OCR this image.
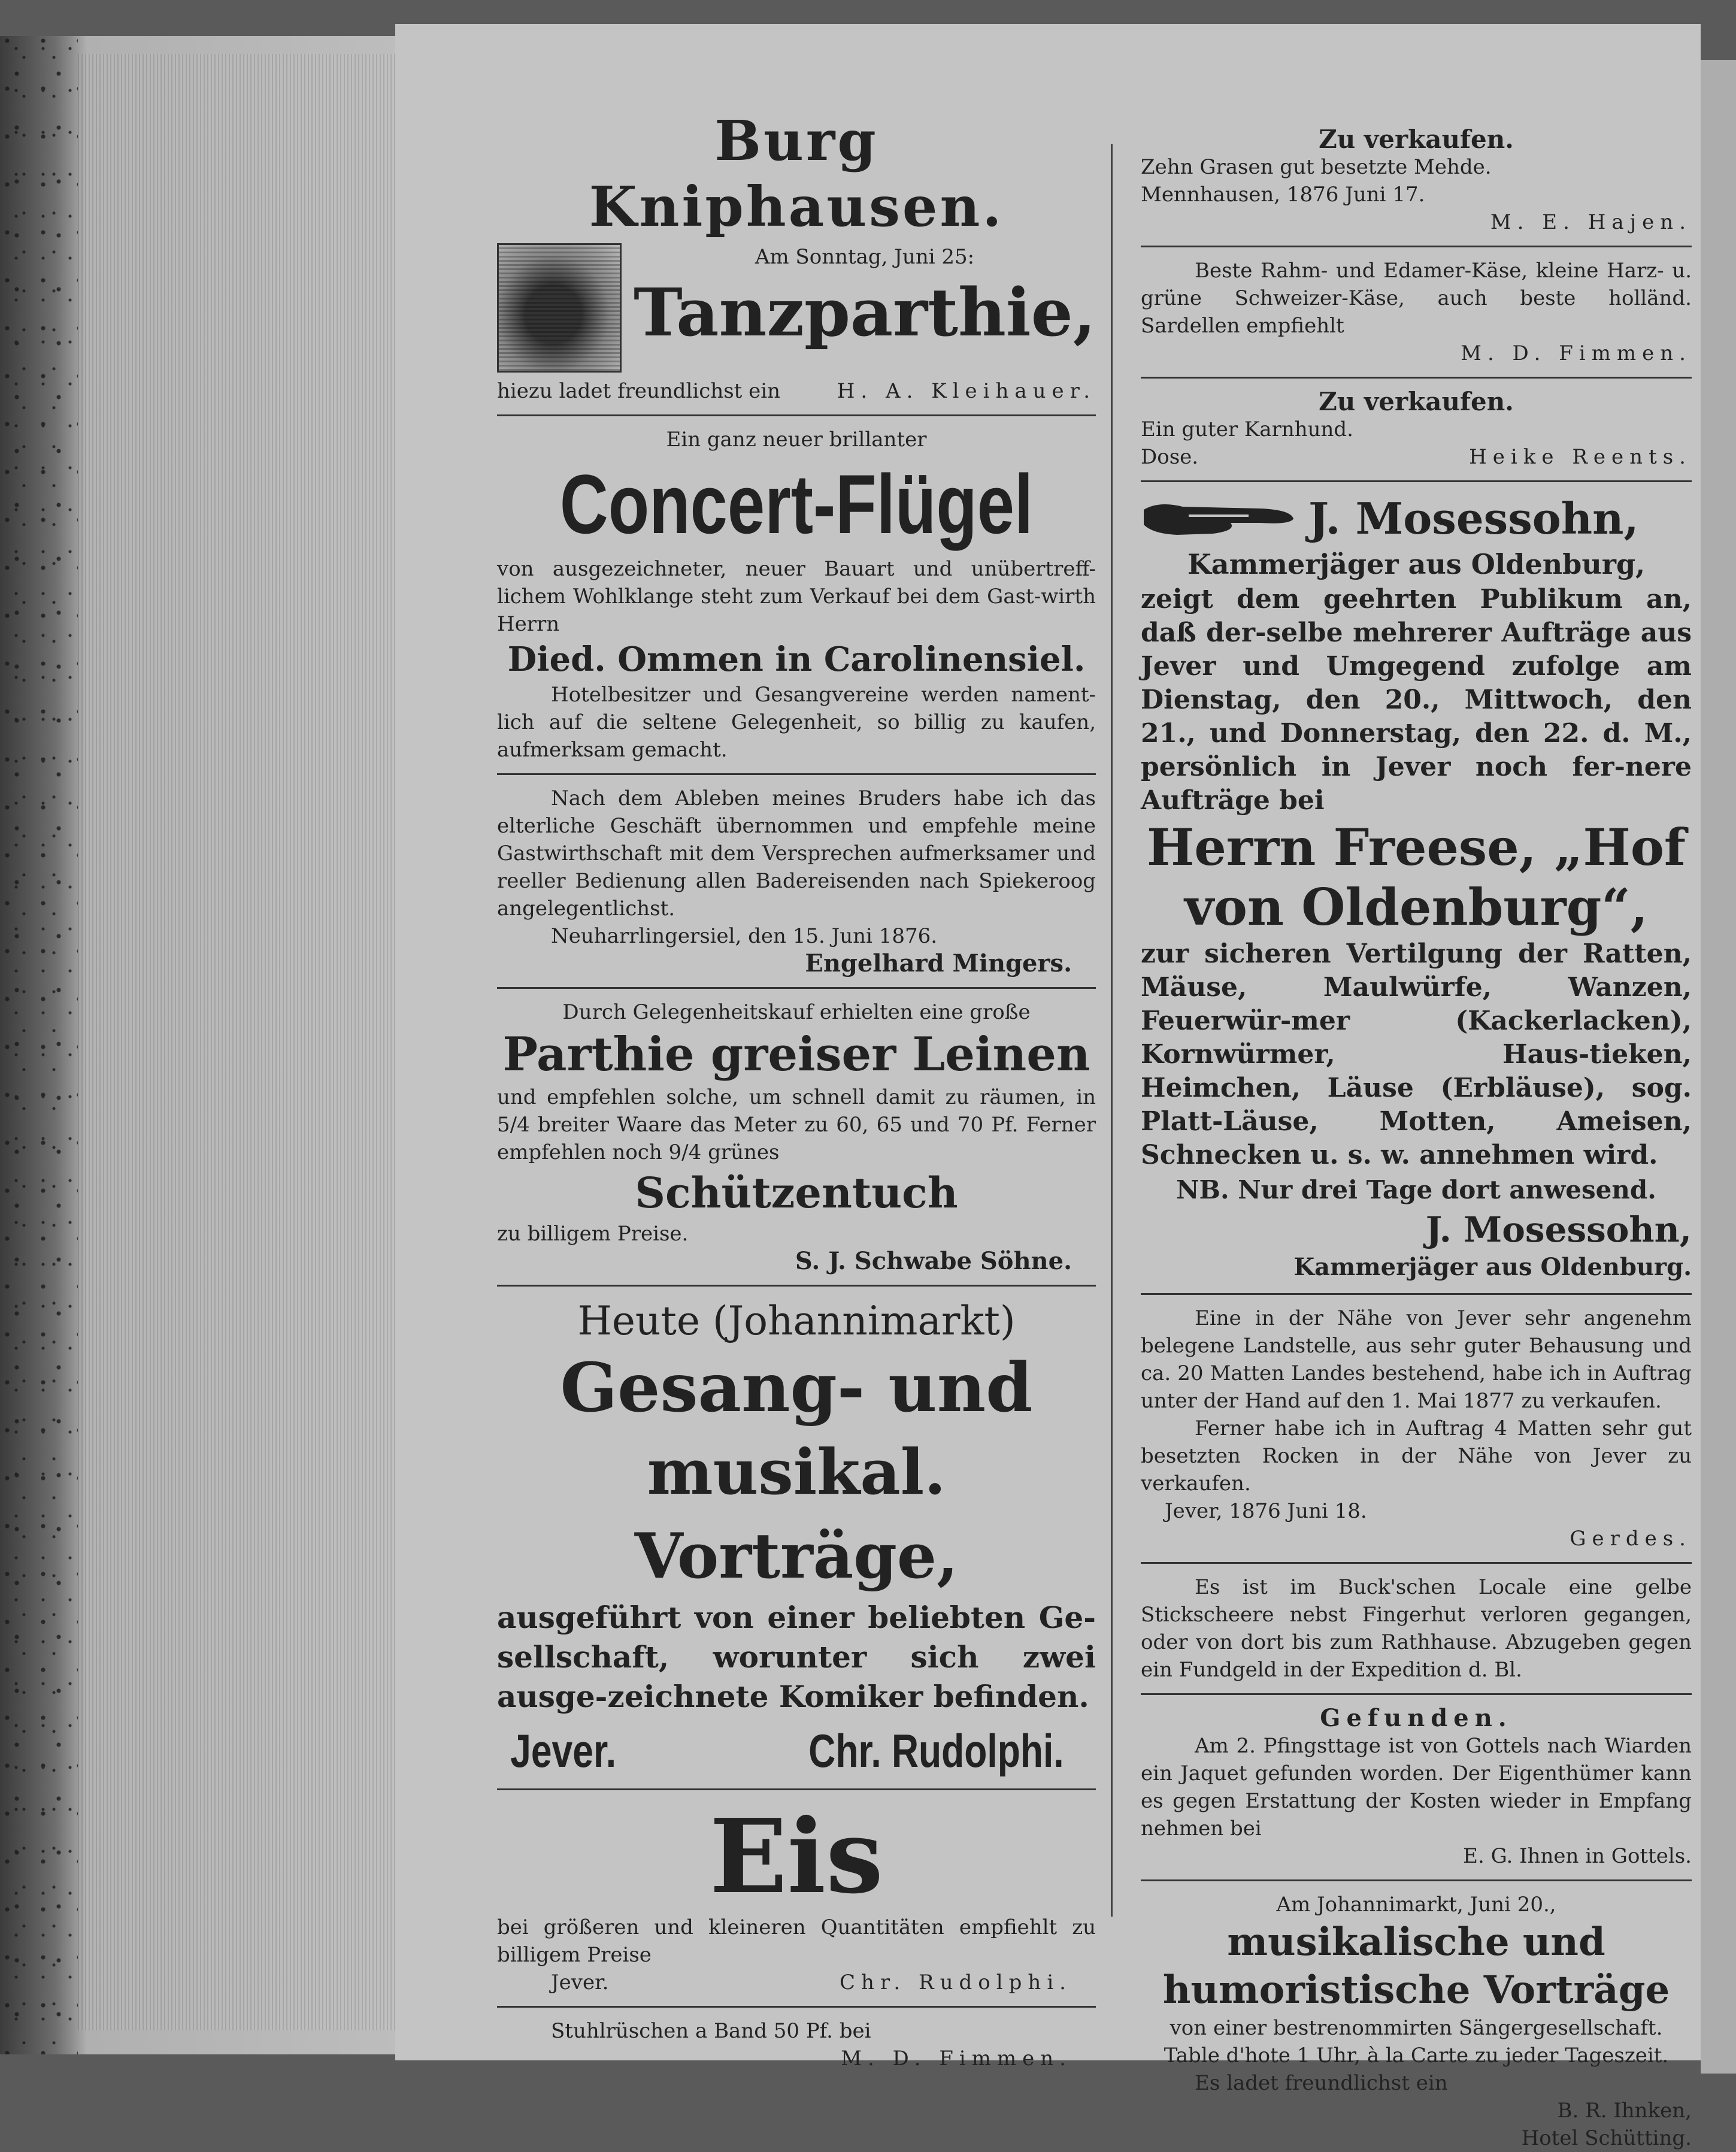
Burg Kniphausen.

Am Sonntag, Juni 25:

Tanzparthie,

hiezu ladet freundlichst ein	H. A. Kleihauer.

Ein ganz neuer brillanter

Concert-Flügel

von ausgezeichneter, neuer Bauart und unübertreff-lichem Wohlklange steht zum Verkauf bei dem Gast-wirth Herrn

Died. Ommen in Carolinensiel.

Hotelbesitzer und Gesangvereine werden nament-lich auf die seltene Gelegenheit, so billig zu kaufen, aufmerksam gemacht.

Nach dem Ableben meines Bruders habe ich das elterliche Geschäft übernommen und empfehle meine Gastwirthschaft mit dem Versprechen aufmerksamer und reeller Bedienung allen Badereisenden nach Spiekeroog angelegentlichst.

Neuharrlingersiel, den 15. Juni 1876.

Engelhard Mingers.

Durch Gelegenheitskauf erhielten eine große

Parthie greiser Leinen

und empfehlen solche, um schnell damit zu räumen, in 5/4 breiter Waare das Meter zu 60, 65 und 70 Pf. Ferner empfehlen noch 9/4 grünes

Schützentuch

zu billigem Preise.

S. J. Schwabe Söhne.

Heute (Johannimarkt)

Gesang- und

musikal. Vorträge,

ausgeführt von einer beliebten Ge-sellschaft, worunter sich zwei ausge-zeichnete Komiker befinden.

Jever.	Chr. Rudolphi.

Eis

bei größeren und kleineren Quantitäten empfiehlt zu billigem Preise

Jever.	Chr. Rudolphi.

Stuhlrüschen a Band 50 Pf. bei

M. D. Fimmen.

Zu verkaufen.

Zehn Grasen gut besetzte Mehde.

Mennhausen, 1876 Juni 17.

M. E. Hajen.

Beste Rahm- und Edamer-Käse, kleine Harz- u. grüne Schweizer-Käse, auch beste holländ. Sardellen empfiehlt

M. D. Fimmen.

Zu verkaufen.

Ein guter Karnhund.

Dose.	Heike Reents.

J. Mosessohn,

Kammerjäger aus Oldenburg,

zeigt dem geehrten Publikum an, daß der-selbe mehrerer Aufträge aus Jever und Umgegend zufolge am Dienstag, den 20., Mittwoch, den 21., und Donnerstag, den 22. d. M., persönlich in Jever noch fer-nere Aufträge bei

Herrn Freese, „Hof von Oldenburg“,

zur sicheren Vertilgung der Ratten, Mäuse, Maulwürfe, Wanzen, Feuerwür-mer (Kackerlacken), Kornwürmer, Haus-tieken, Heimchen, Läuse (Erbläuse), sog. Platt-Läuse, Motten, Ameisen, Schnecken u. s. w. annehmen wird.

NB. Nur drei Tage dort anwesend.

J. Mosessohn,

Kammerjäger aus Oldenburg.

Eine in der Nähe von Jever sehr angenehm belegene Landstelle, aus sehr guter Behausung und ca. 20 Matten Landes bestehend, habe ich in Auftrag unter der Hand auf den 1. Mai 1877 zu verkaufen.

Ferner habe ich in Auftrag 4 Matten sehr gut besetzten Rocken in der Nähe von Jever zu verkaufen.

Jever, 1876 Juni 18.

Gerdes.

Es ist im Buck'schen Locale eine gelbe Stickscheere nebst Fingerhut verloren gegangen, oder von dort bis zum Rathhause. Abzugeben gegen ein Fundgeld in der Expedition d. Bl.

Gefunden.

Am 2. Pfingsttage ist von Gottels nach Wiarden ein Jaquet gefunden worden. Der Eigenthümer kann es gegen Erstattung der Kosten wieder in Empfang nehmen bei

E. G. Ihnen in Gottels.

Am Johannimarkt, Juni 20.,

musikalische und humoristische Vorträge

von einer bestrenommirten Sängergesellschaft.

Table d'hote 1 Uhr, à la Carte zu jeder Tageszeit.

Es ladet freundlichst ein

B. R. Ihnken,

Hotel Schütting.
